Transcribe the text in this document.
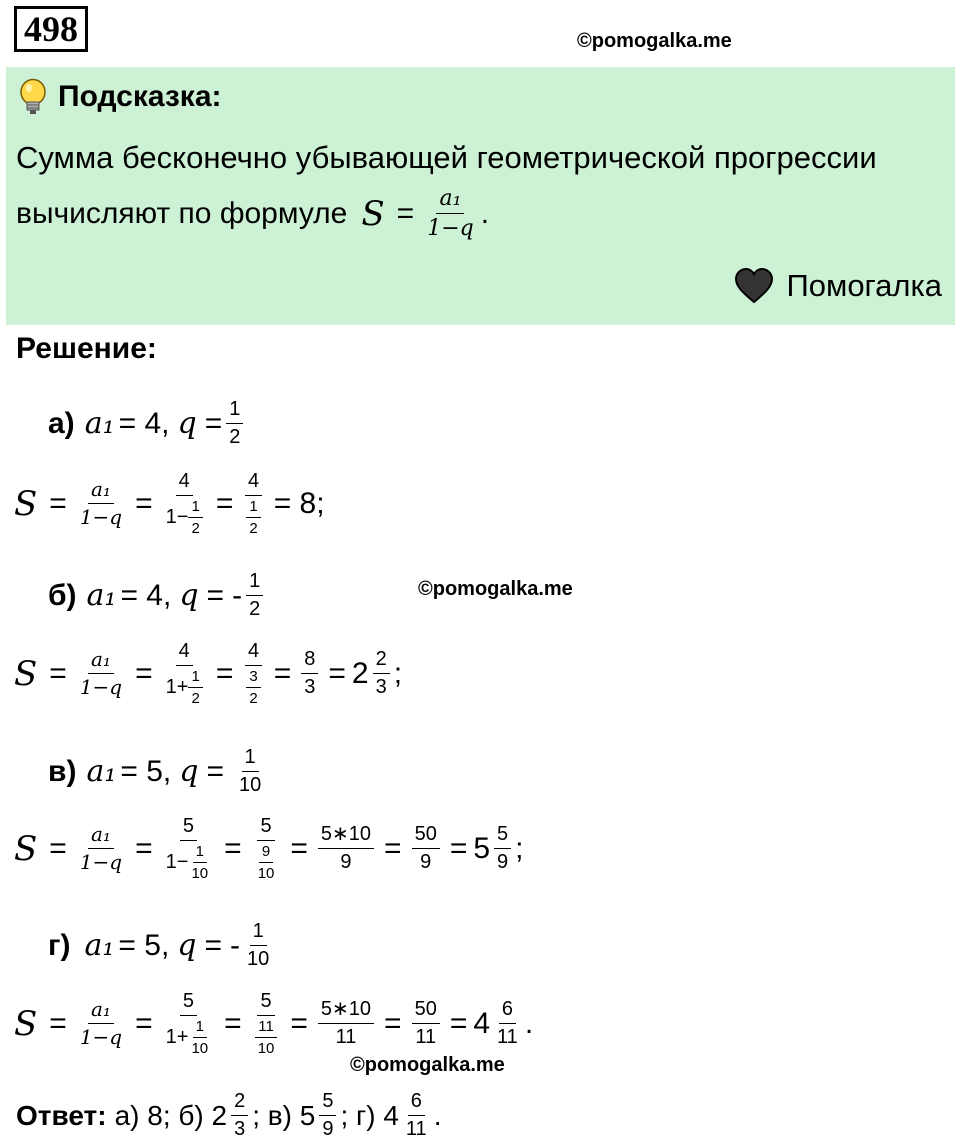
498	©pomogalka.me
Подсказка:
Сумма бесконечно убывающей геометрической прогрессии
вычисляют по формуле $S = \frac{\text{a₁}}{1-q}$ .
Помогалка
Решение:
а) a₁ = 4, $q = \frac{1}{2}$
$S = \frac{\text{a₁}}{1-q} = \frac{4}{1- \frac{1}{2}} = \frac{4}{\frac{1}{2}} = 8$;
б) a₁ = 4, q = - $\frac{1}{2}$	©pomogalka.me
$S = \frac{\text{a₁}}{1-q} = \frac{4}{1+ \frac{1}{2}} = \frac{4}{\frac{3}{2}} = \frac{8}{3} = 2 \frac{2}{3}$ ;
в) a₁ = 5, $q = \frac{1}{10}$
$S = \frac{\text{a₁}}{1-q} = \frac{5}{1- \frac{1}{10}} = \frac{5}{\frac{9}{10}} = \frac{5∗10}{9} = \frac{50}{9} = 5 \frac{5}{9}$ ;
г) a₁ = 5, q = - $\frac{1}{10}$
$S = \frac{\text{a₁}}{1-q} = \frac{5}{1+ \frac{1}{10}} = \frac{5}{\frac{11}{10}} = \frac{5∗10}{11} = \frac{50}{11} = 4 \frac{6}{11}$ .
©pomogalka.me
Ответ: а) 8; б) $2 \frac{2}{3}$ ; в) $5 \frac{5}{9}$ ; г) $4 \frac{6}{11}$ .
